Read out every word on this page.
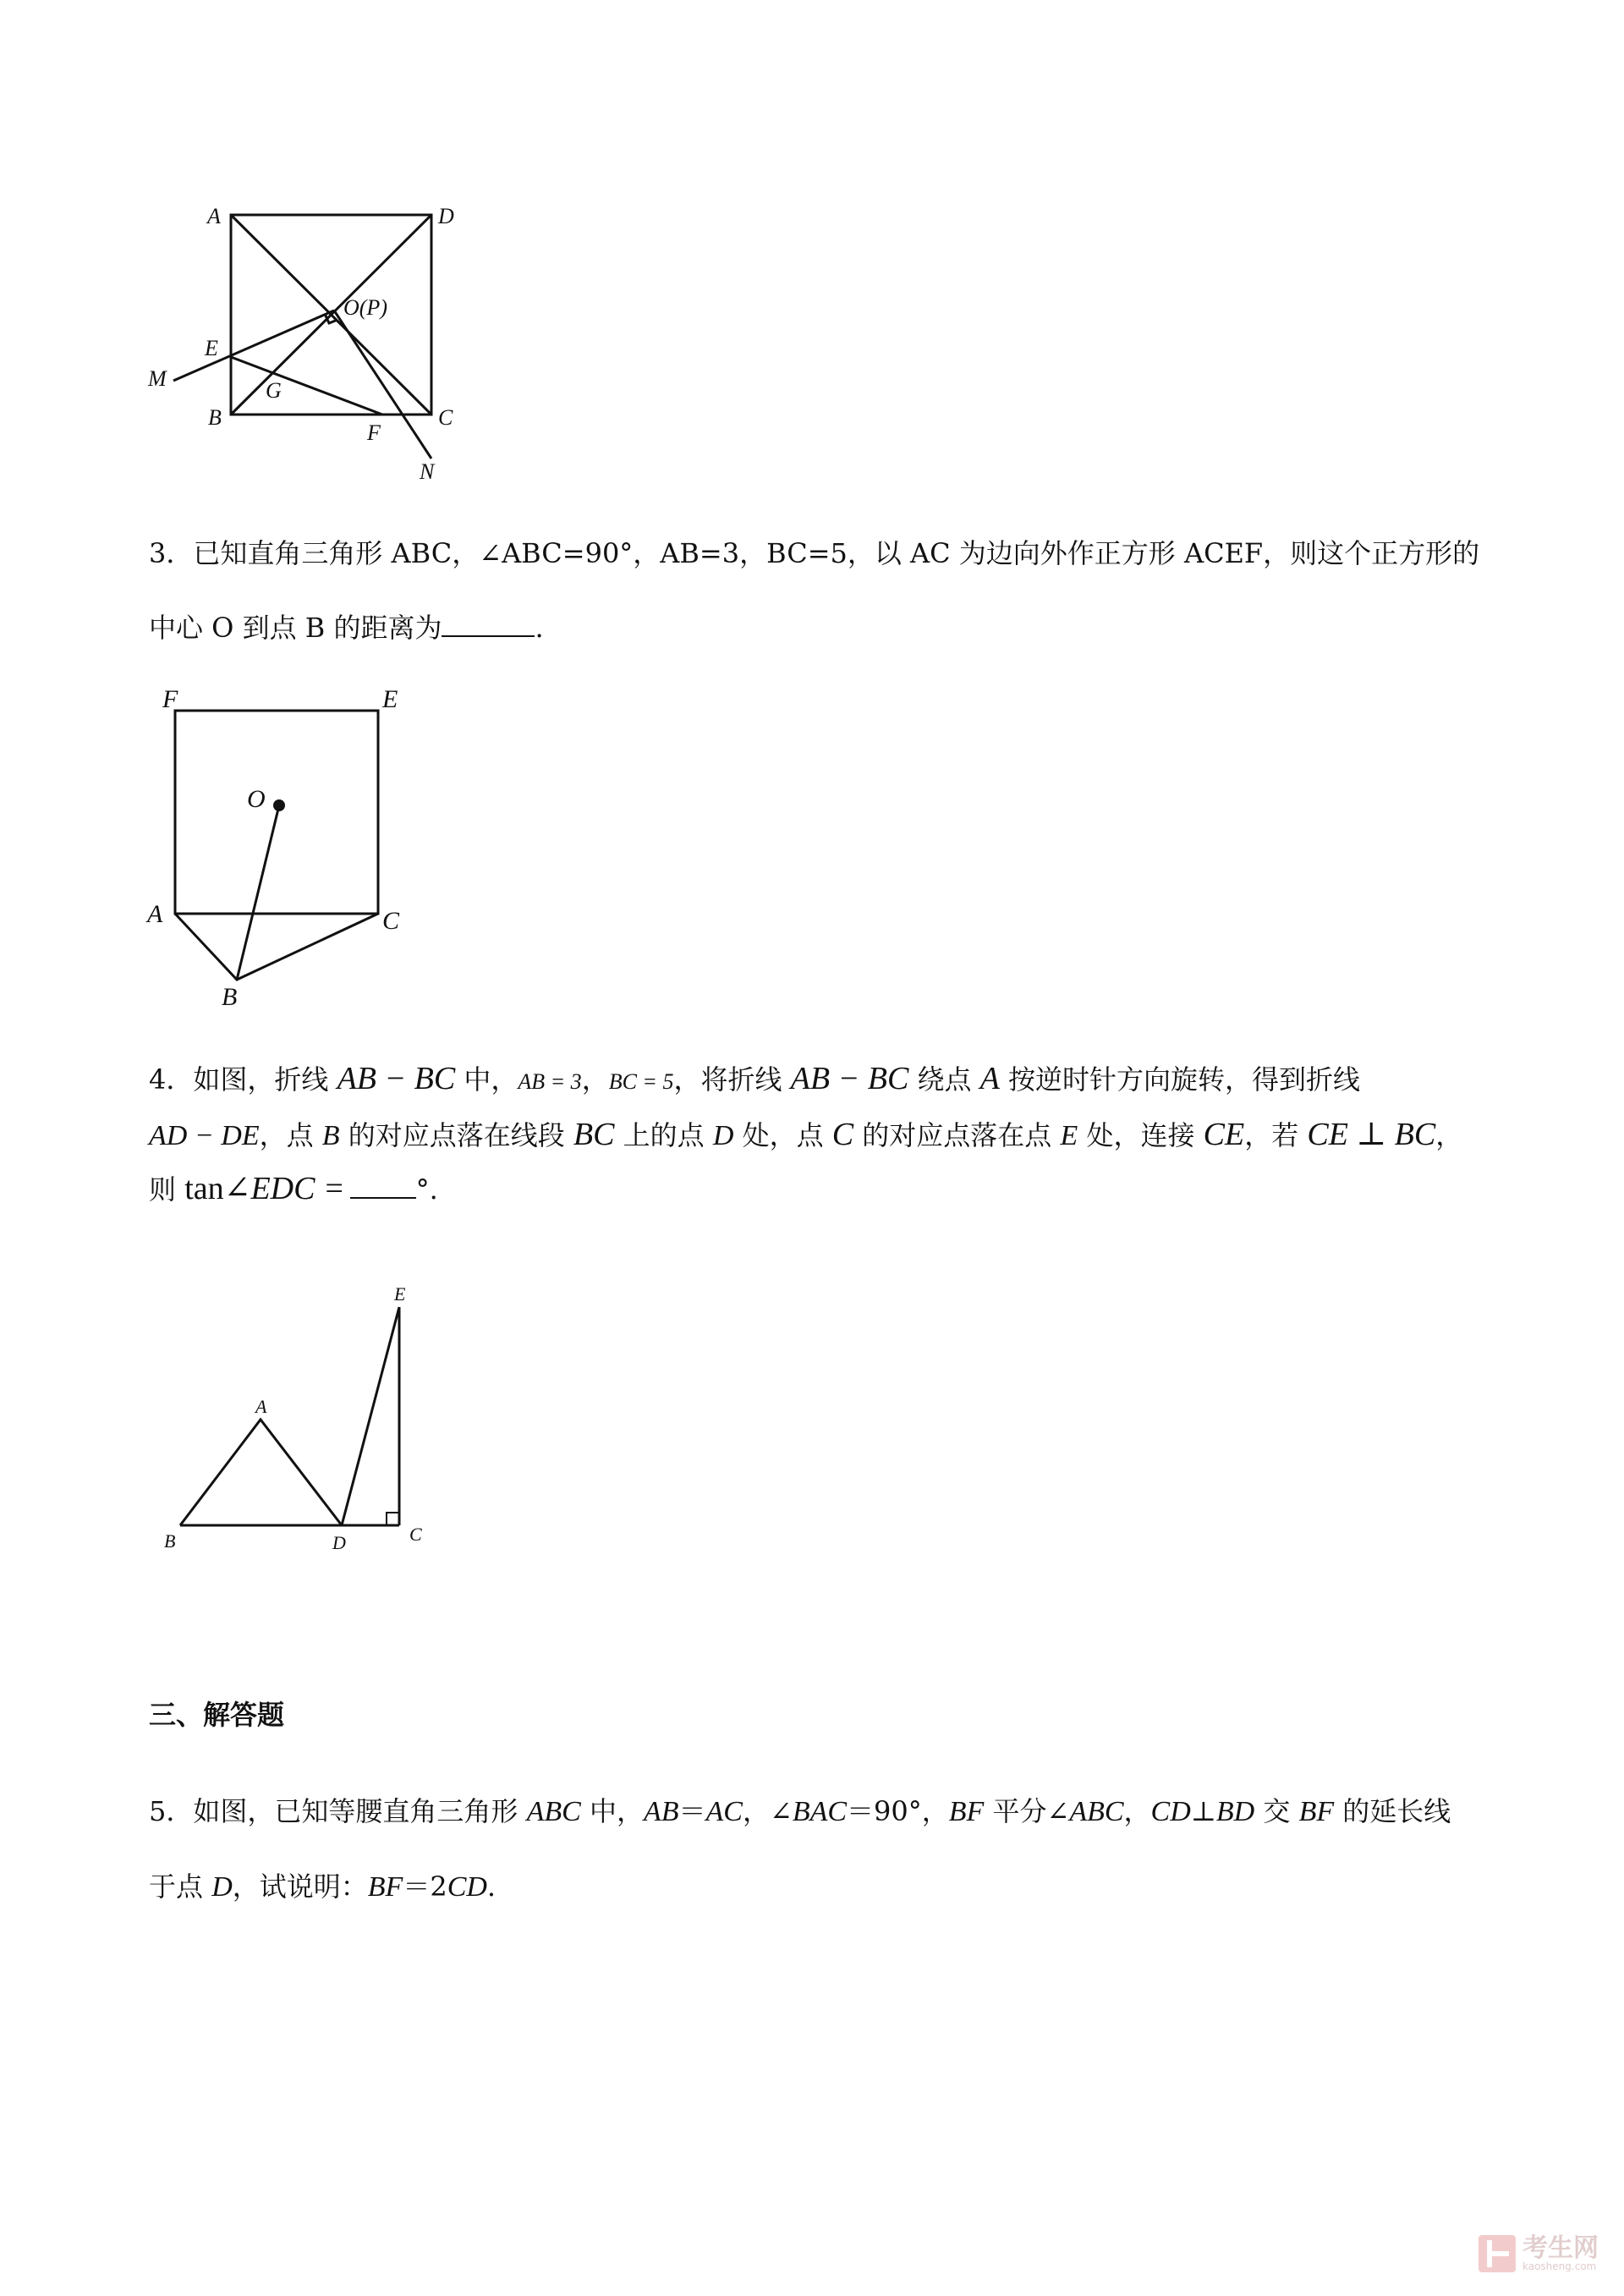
A	D
O(P)
E
M	G
B
F
C
N
3．已知直角三角形 ABC，∠ABC=90°，AB=3，BC=5，以 AC 为边向外作正方形 ACEF，则这个正方形的
中心 O 到点 B 的距离为	.
F	E
O
A	C
B
4．如图，折线 AB − BC 中，AB = 3，BC = 5，将折线 AB − BC 绕点 A 按逆时针方向旋转，得到折线
AD − DE，点 B 的对应点落在线段 BC 上的点 D 处，点 C 的对应点落在点 E 处，连接 CE，若 CE ⊥ BC，
则 tan∠EDC =	°.
E
A
B	D	C
三、解答题
5．如图，已知等腰直角三角形 ABC 中，AB＝AC，∠BAC＝90°，BF 平分∠ABC，CD⊥BD 交 BF 的延长线
于点 D，试说明：BF＝2CD.
考生网
kaosheng.com
